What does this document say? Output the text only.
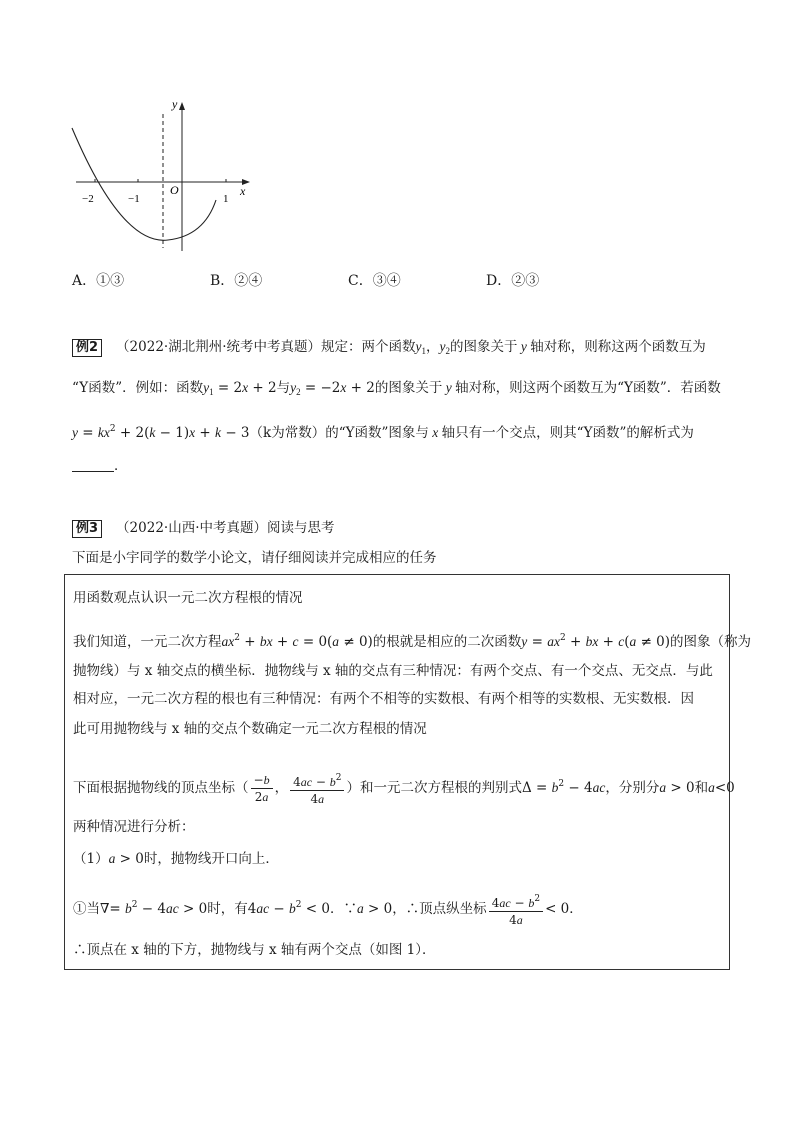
y
x
O
−2	−1	1
A．①③	B．②④	C．③④	D．②③
例2 （2022·湖北荆州·统考中考真题）规定：两个函数$y_1$，$y_2$的图象关于 y 轴对称，则称这两个函数互为
“Y函数”．例如：函数$y_1 = 2x + 2$与$y_2 = -2x + 2$的图象关于 y 轴对称，则这两个函数互为“Y函数”．若函数
$y = kx^2 + 2(k - 1)x + k - 3(k$为常数）的“Y函数”图象与 x 轴只有一个交点，则其“Y函数”的解析式为
．
例3 （2022·山西·中考真题）阅读与思考
下面是小宇同学的数学小论文，请仔细阅读并完成相应的任务
用函数观点认识一元二次方程根的情况
我们知道，一元二次方程$ax^2$ + bx + c = 0(a ≠ 0)的根就是相应的二次函数$y = ax^2$ + bx + c(a ≠ 0)的图象（称为
抛物线）与 x 轴交点的横坐标．抛物线与 x 轴的交点有三种情况：有两个交点、有一个交点、无交点．与此
相对应，一元二次方程的根也有三种情况：有两个不相等的实数根、有两个相等的实数根、无实数根．因
此可用抛物线与 x 轴的交点个数确定一元二次方程根的情况
下面根据抛物线的顶点坐标（ $\frac{-b}{2a}$ ， $\frac{4ac - b^2}{4a}$ ）和一元二次方程根的判别式$\Delta = b^2 - 4ac$，分别分a > 0和a<0
两种情况进行分析：
（1）a > 0时，抛物线开口向上．
①当∇= $b^2 - 4ac > 0$时，有$4ac - b^2 < 0$．∵a > 0，∴顶点纵坐标 $\frac{4ac - b^2}{4a} < 0$．
∴顶点在 x 轴的下方，抛物线与 x 轴有两个交点（如图 1）．
